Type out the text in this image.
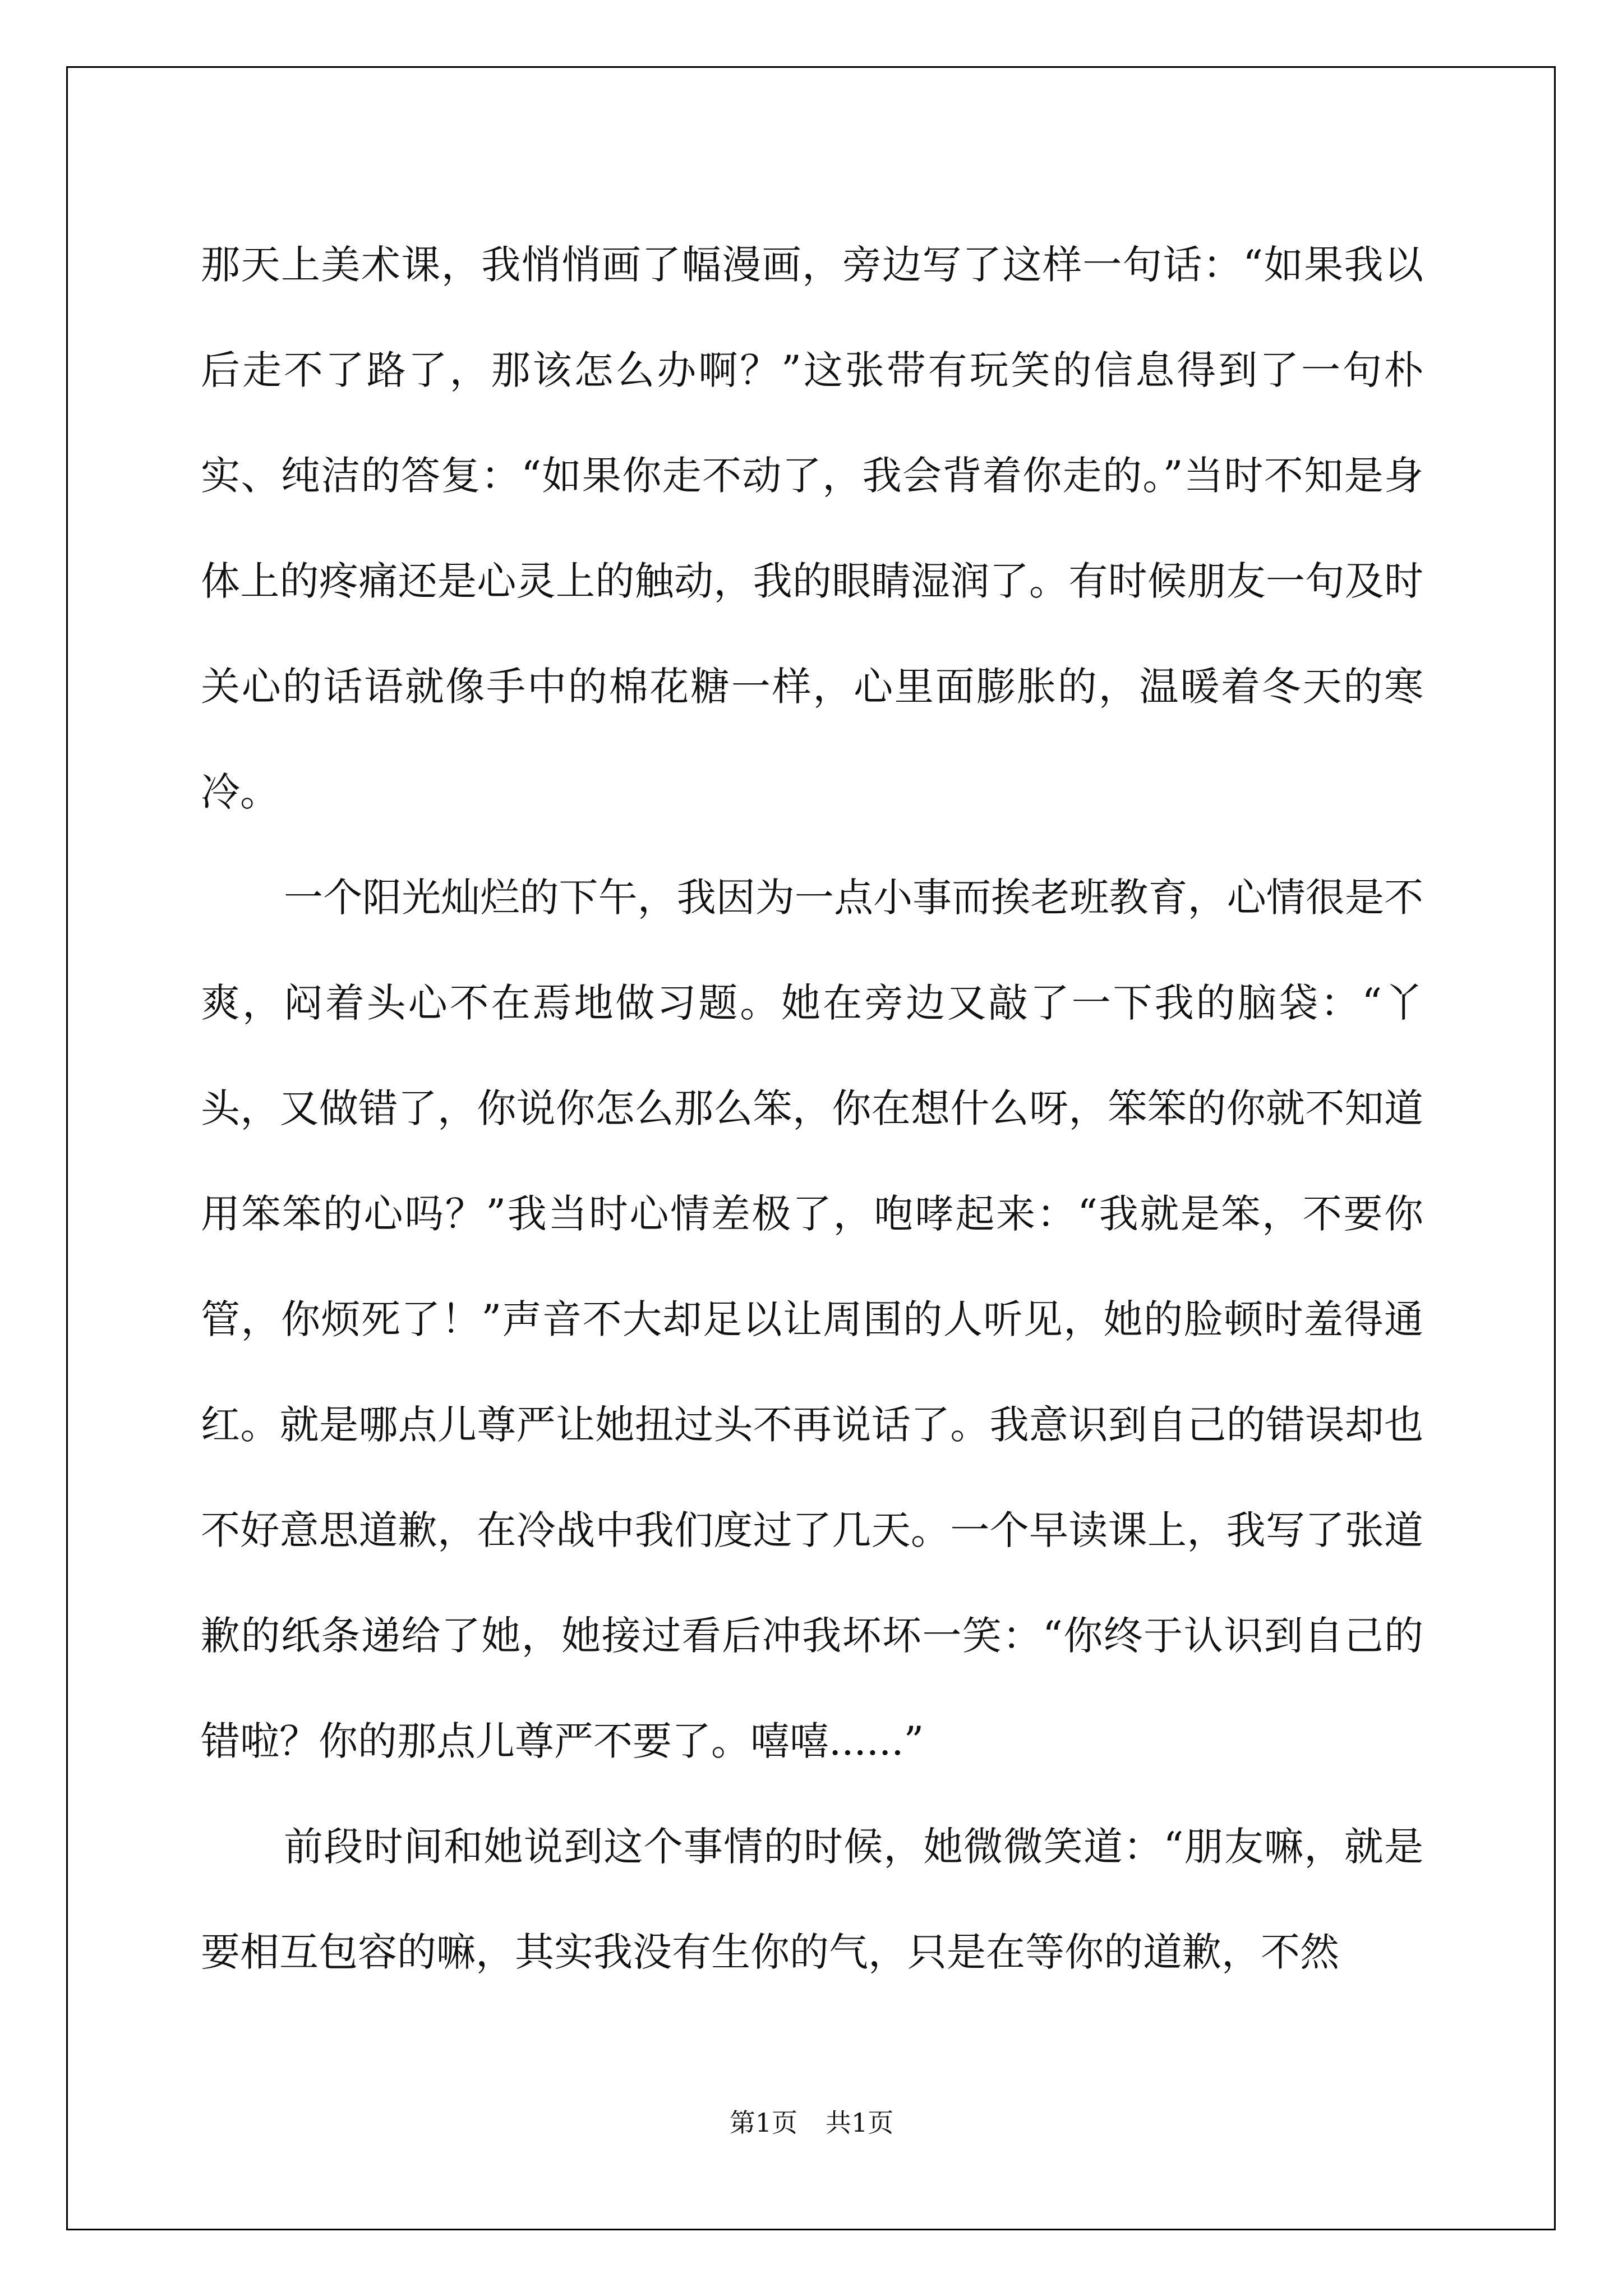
那天上美术课，我悄悄画了幅漫画，旁边写了这样一句话：“如果我以后走不了路了，那该怎么办啊？”这张带有玩笑的信息得到了一句朴实、纯洁的答复：“如果你走不动了，我会背着你走的。”当时不知是身体上的疼痛还是心灵上的触动，我的眼睛湿润了。有时候朋友一句及时关心的话语就像手中的棉花糖一样，心里面膨胀的，温暖着冬天的寒冷。

一个阳光灿烂的下午，我因为一点小事而挨老班教育，心情很是不爽，闷着头心不在焉地做习题。她在旁边又敲了一下我的脑袋：“丫头，又做错了，你说你怎么那么笨，你在想什么呀，笨笨的你就不知道用笨笨的心吗？”我当时心情差极了，咆哮起来：“我就是笨，不要你管，你烦死了！”声音不大却足以让周围的人听见，她的脸顿时羞得通红。就是哪点儿尊严让她扭过头不再说话了。我意识到自己的错误却也不好意思道歉，在冷战中我们度过了几天。一个早读课上，我写了张道歉的纸条递给了她，她接过看后冲我坏坏一笑：“你终于认识到自己的错啦？你的那点儿尊严不要了。嘻嘻......”

前段时间和她说到这个事情的时候，她微微笑道：“朋友嘛，就是要相互包容的嘛，其实我没有生你的气，只是在等你的道歉，不然

第1页 共1页
